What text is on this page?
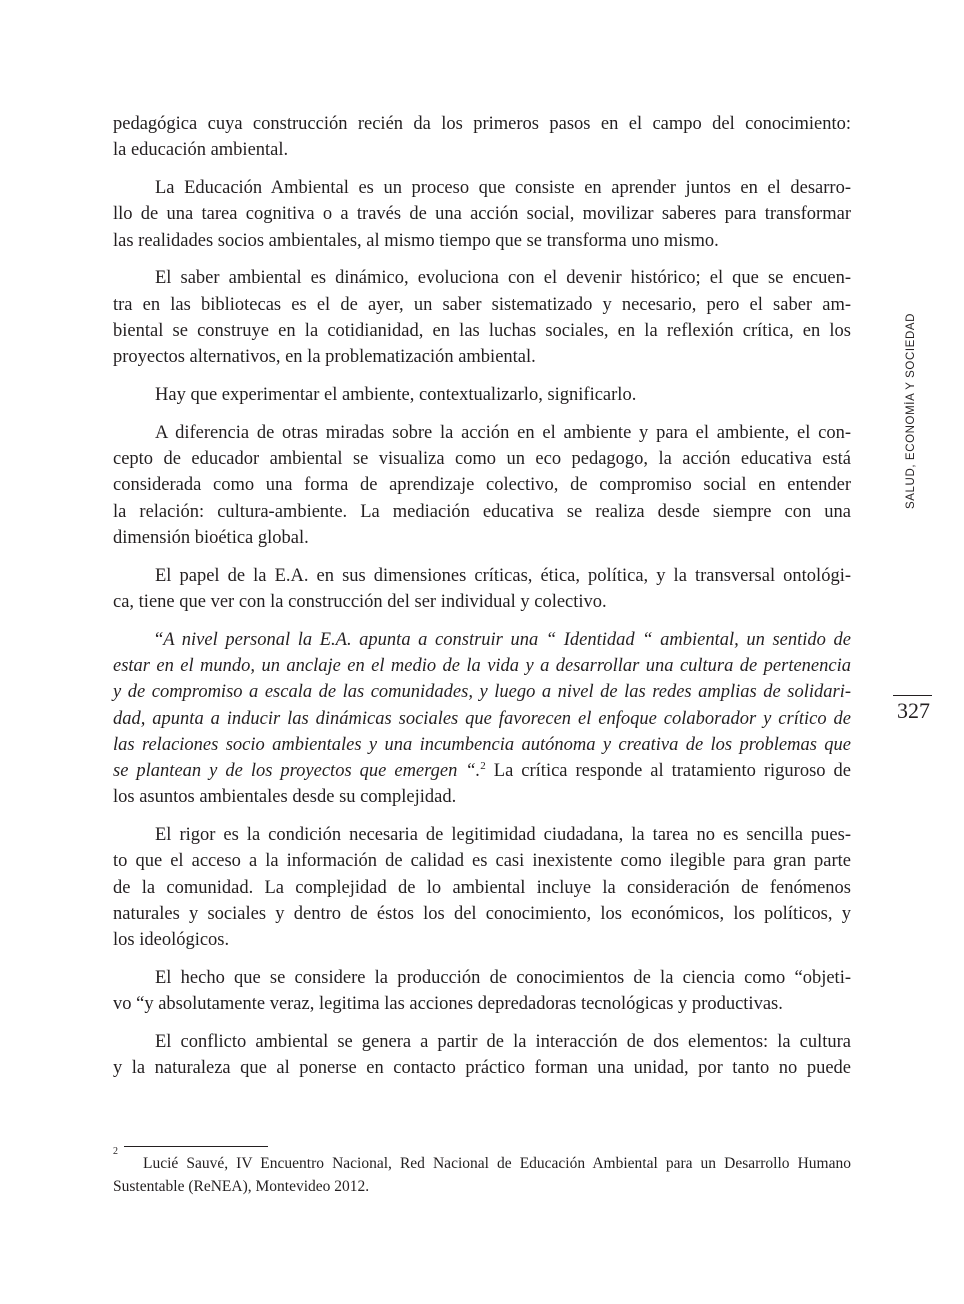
pedagógica cuya construcción recién da los primeros pasos en el campo del conocimiento:
la educación ambiental.
La Educación Ambiental es un proceso que consiste en aprender juntos en el desarro-
llo de una tarea cognitiva o a través de una acción social, movilizar saberes para transformar
las realidades socios ambientales, al mismo tiempo que se transforma uno mismo.
El saber ambiental es dinámico, evoluciona con el devenir histórico; el que se encuen-
tra en las bibliotecas es el de ayer, un saber sistematizado y necesario, pero el saber am-
biental se construye en la cotidianidad, en las luchas sociales, en la reflexión crítica, en los
proyectos alternativos, en la problematización ambiental.
Hay que experimentar el ambiente, contextualizarlo, significarlo.
A diferencia de otras miradas sobre la acción en el ambiente y para el ambiente, el con-
cepto de educador ambiental se visualiza como un eco pedagogo, la acción educativa está
considerada como una forma de aprendizaje colectivo, de compromiso social en entender
la relación: cultura-ambiente. La mediación educativa se realiza desde siempre con una
dimensión bioética global.
El papel de la E.A. en sus dimensiones críticas, ética, política, y la transversal ontológi-
ca, tiene que ver con la construcción del ser individual y colectivo.
“A nivel personal la E.A. apunta a construir una “ Identidad “ ambiental, un sentido de
estar en el mundo, un anclaje en el medio de la vida y a desarrollar una cultura de pertenencia
y de compromiso a escala de las comunidades, y luego a nivel de las redes amplias de solidari-
dad, apunta a inducir las dinámicas sociales que favorecen el enfoque colaborador y crítico de
las relaciones socio ambientales y una incumbencia autónoma y creativa de los problemas que
se plantean y de los proyectos que emergen “.$^2$ La crítica responde al tratamiento riguroso de
los asuntos ambientales desde su complejidad.
El rigor es la condición necesaria de legitimidad ciudadana, la tarea no es sencilla pues-
to que el acceso a la información de calidad es casi inexistente como ilegible para gran parte
de la comunidad. La complejidad de lo ambiental incluye la consideración de fenómenos
naturales y sociales y dentro de éstos los del conocimiento, los económicos, los políticos, y
los ideológicos.
El hecho que se considere la producción de conocimientos de la ciencia como “objeti-
vo “y absolutamente veraz, legitima las acciones depredadoras tecnológicas y productivas.
El conflicto ambiental se genera a partir de la interacción de dos elementos: la cultura
y la naturaleza que al ponerse en contacto práctico forman una unidad, por tanto no puede
2
Lucié Sauvé, IV Encuentro Nacional, Red Nacional de Educación Ambiental para un Desarrollo Humano
Sustentable (ReNEA), Montevideo 2012.
SALUD, ECONOMÍA Y SOCIEDAD
327
